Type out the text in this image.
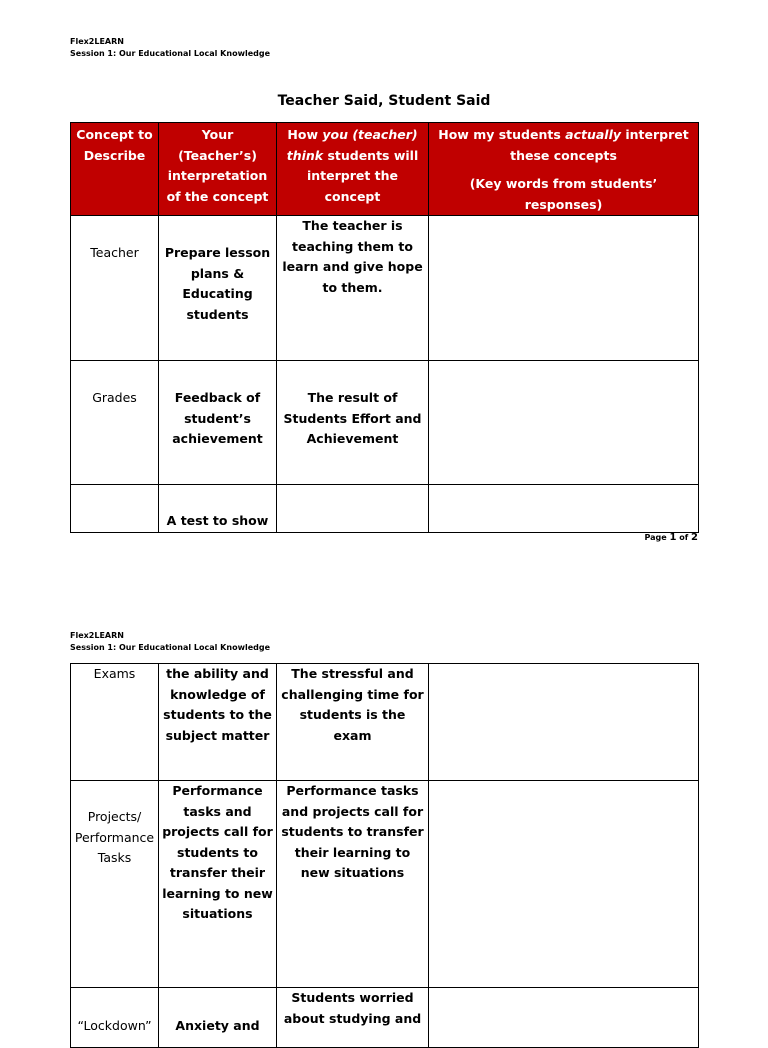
Flex2LEARN
Session 1: Our Educational Local Knowledge
Teacher Said, Student Said
Concept to Describe	Your (Teacher’s) interpretation of the concept	How you (teacher) think students will interpret the concept	How my students actually interpret these concepts
(Key words from students’ responses)

Teacher	Prepare lesson plans & Educating students	The teacher is teaching them to learn and give hope to them.	
Grades	Feedback of student’s achievement	The result of Students Effort and Achievement	
	A test to show		
Page 1 of 2
Flex2LEARN
Session 1: Our Educational Local Knowledge
Exams	the ability and knowledge of students to the subject matter	The stressful and challenging time for students is the exam	
Projects/ Performance Tasks	Performance tasks and projects call for students to transfer their learning to new situations	Performance tasks and projects call for students to transfer their learning to new situations	
“Lockdown”	Anxiety and	Students worried about studying and	
